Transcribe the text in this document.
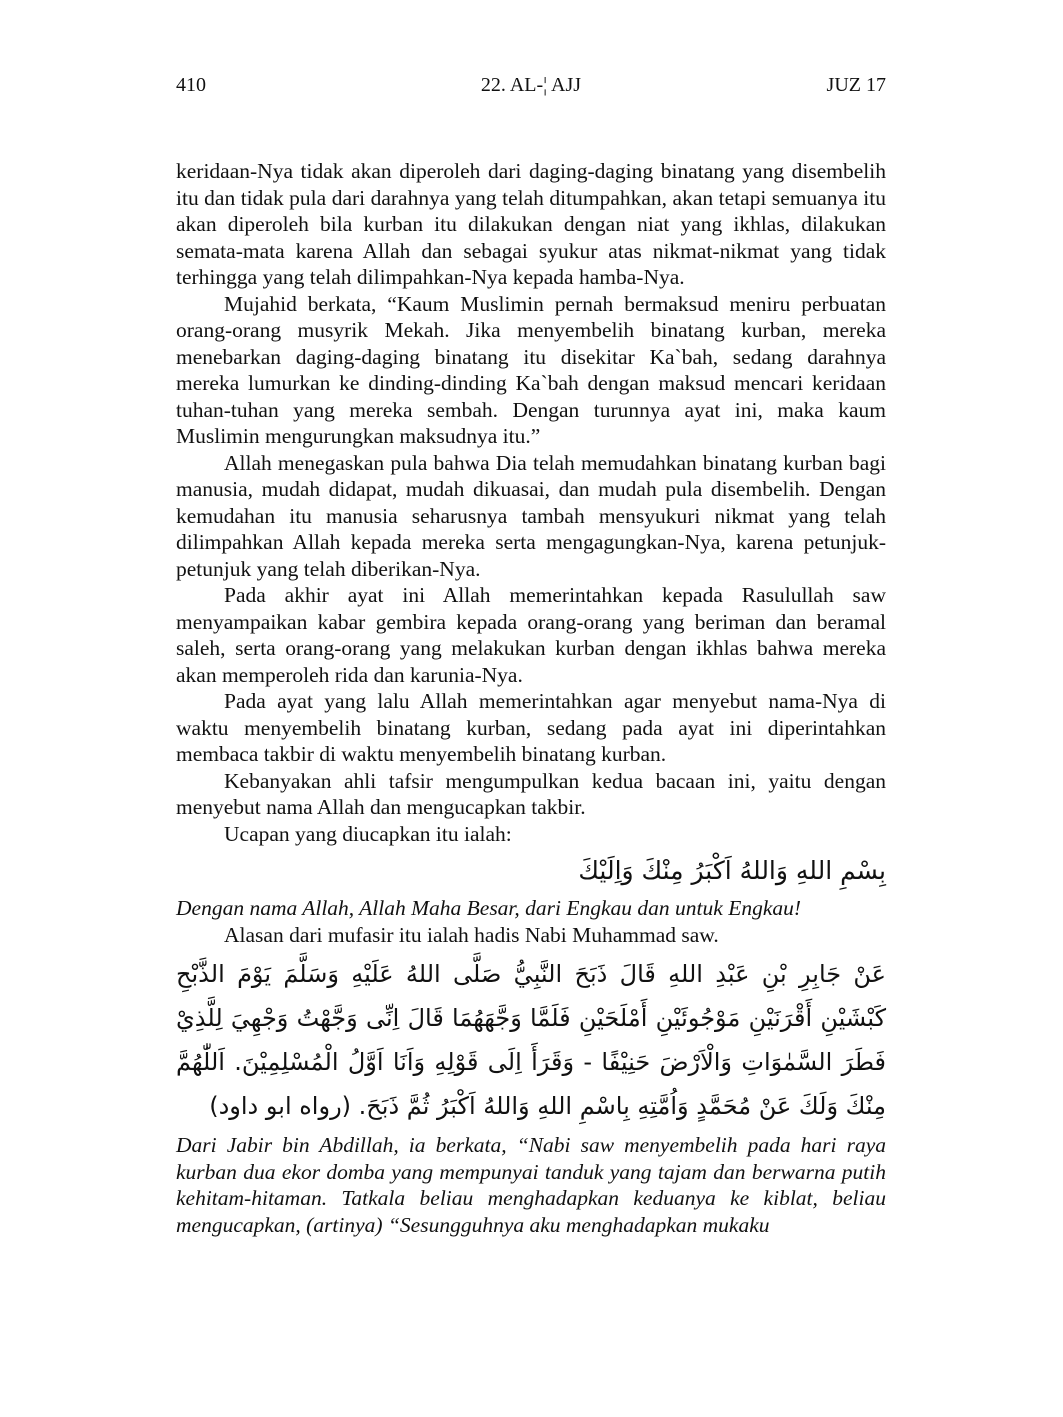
22. AL-¦ AJJ
410	JUZ 17

keridaan-Nya tidak akan diperoleh dari daging-daging binatang yang disembelih itu dan tidak pula dari darahnya yang telah ditumpahkan, akan tetapi semuanya itu akan diperoleh bila kurban itu dilakukan dengan niat yang ikhlas, dilakukan semata-mata karena Allah dan sebagai syukur atas nikmat-nikmat yang tidak terhingga yang telah dilimpahkan-Nya kepada hamba-Nya.

Mujahid berkata, “Kaum Muslimin pernah bermaksud meniru perbuatan orang-orang musyrik Mekah. Jika menyembelih binatang kurban, mereka menebarkan daging-daging binatang itu disekitar Ka`bah, sedang darahnya mereka lumurkan ke dinding-dinding Ka`bah dengan maksud mencari keridaan tuhan-tuhan yang mereka sembah. Dengan turunnya ayat ini, maka kaum Muslimin mengurungkan maksudnya itu.”

Allah menegaskan pula bahwa Dia telah memudahkan binatang kurban bagi manusia, mudah didapat, mudah dikuasai, dan mudah pula disembelih. Dengan kemudahan itu manusia seharusnya tambah mensyukuri nikmat yang telah dilimpahkan Allah kepada mereka serta mengagungkan-Nya, karena petunjuk-petunjuk yang telah diberikan-Nya.

Pada akhir ayat ini Allah memerintahkan kepada Rasulullah saw menyampaikan kabar gembira kepada orang-orang yang beriman dan beramal saleh, serta orang-orang yang melakukan kurban dengan ikhlas bahwa mereka akan memperoleh rida dan karunia-Nya.

Pada ayat yang lalu Allah memerintahkan agar menyebut nama-Nya di waktu menyembelih binatang kurban, sedang pada ayat ini diperintahkan membaca takbir di waktu menyembelih binatang kurban.

Kebanyakan ahli tafsir mengumpulkan kedua bacaan ini, yaitu dengan menyebut nama Allah dan mengucapkan takbir.

Ucapan yang diucapkan itu ialah:

بِسْمِ اللهِ وَاللهُ اَكْبَرُ مِنْكَ وَاِلَيْكَ

Dengan nama Allah, Allah Maha Besar, dari Engkau dan untuk Engkau!

Alasan dari mufasir itu ialah hadis Nabi Muhammad saw.

عَنْ جَابِرِ بْنِ عَبْدِ اللهِ قَالَ ذَبَحَ النَّبِيُّ صَلَّى اللهُ عَلَيْهِ وَسَلَّمَ يَوْمَ الذَّبْحِ كَبْشَيْنِ أَقْرَنَيْنِ مَوْجُوئَيْنِ أَمْلَحَيْنِ فَلَمَّا وَجَّهَهُمَا قَالَ اِنِّى وَجَّهْتُ وَجْهِيَ لِلَّذِيْ فَطَرَ السَّمٰوَاتِ وَالْاَرْضَ حَنِيْفًا - وَقَرَأَ اِلَى قَوْلِهِ وَاَنَا اَوَّلُ الْمُسْلِمِيْنَ. اَللّٰهُمَّ مِنْكَ وَلَكَ عَنْ مُحَمَّدٍ وَاُمَّتِهِ بِاسْمِ اللهِ وَاللهُ اَكْبَرُ ثُمَّ ذَبَحَ. (رواه ابو داود)

Dari Jabir bin Abdillah, ia berkata, “Nabi saw menyembelih pada hari raya kurban dua ekor domba yang mempunyai tanduk yang tajam dan berwarna putih kehitam-hitaman. Tatkala beliau menghadapkan keduanya ke kiblat, beliau mengucapkan, (artinya) “Sesungguhnya aku menghadapkan mukaku
